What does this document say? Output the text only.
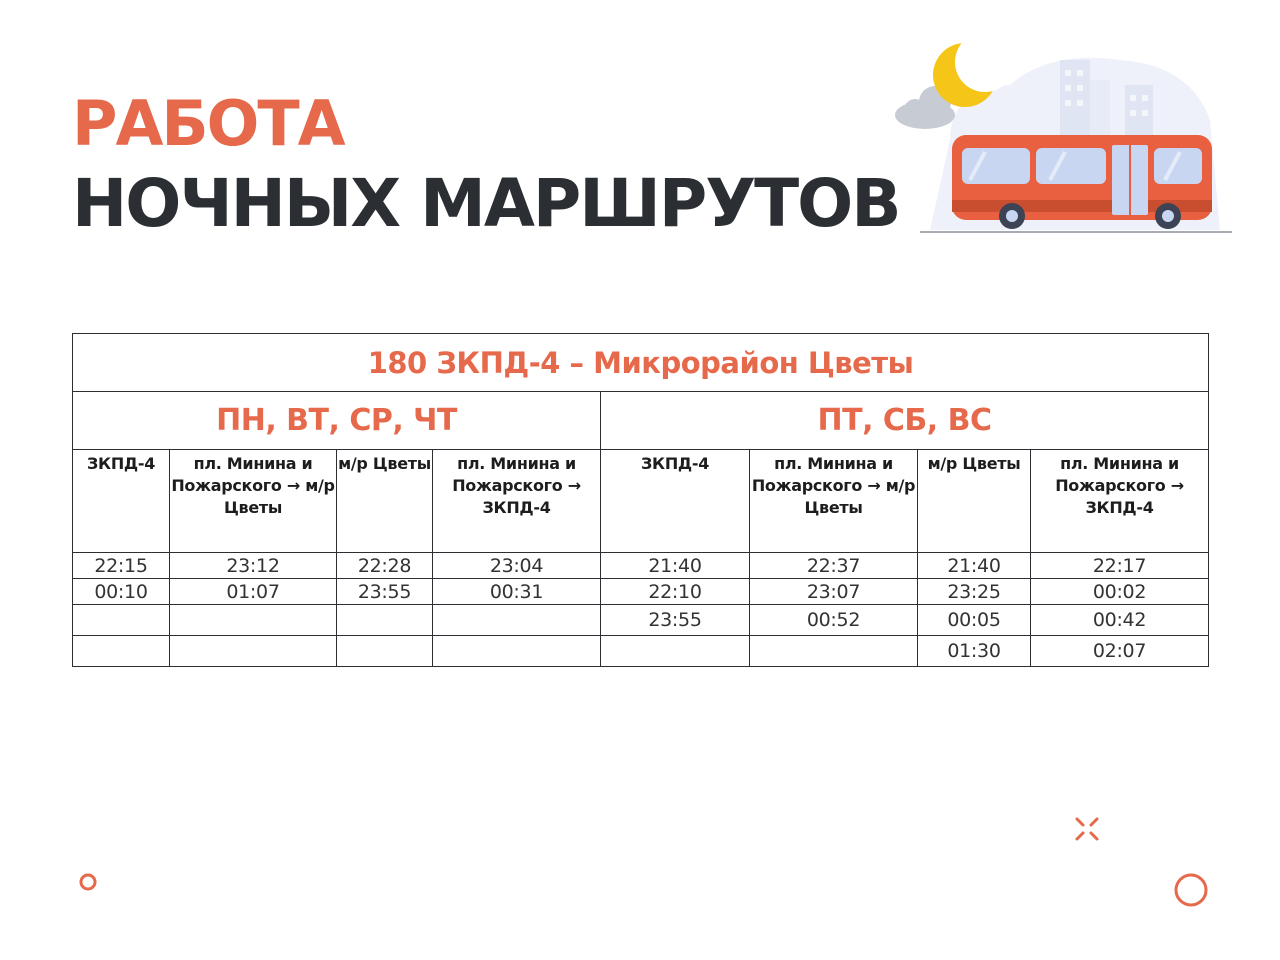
РАБОТА
НОЧНЫХ МАРШРУТОВ
180 ЗКПД-4 – Микрорайон Цветы							
ПН, ВТ, СР, ЧТ				ПТ, СБ, ВС			
ЗКПД-4	пл. Минина и Пожарского → м/р Цветы	м/р Цветы	пл. Минина и Пожарского → ЗКПД-4	ЗКПД-4	пл. Минина и Пожарского → м/р Цветы	м/р Цветы	пл. Минина и Пожарского → ЗКПД-4
22:15	23:12	22:28	23:04	21:40	22:37	21:40	22:17
00:10	01:07	23:55	00:31	22:10	23:07	23:25	00:02
				23:55	00:52	00:05	00:42
						01:30	02:07
